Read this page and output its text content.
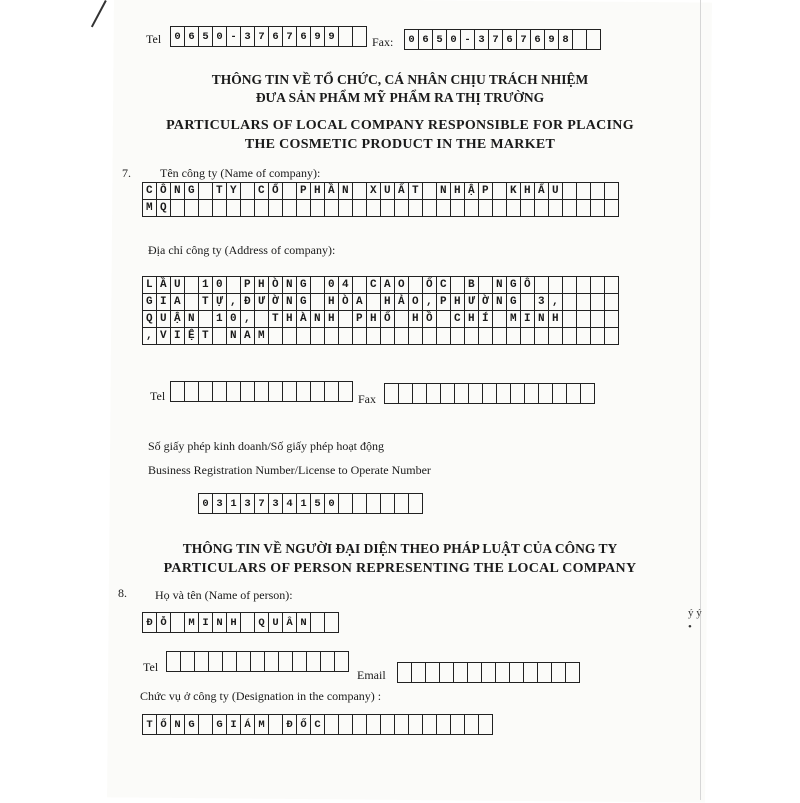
Tel	0 6 5 0 - 3 7 6 7 6 9 9	Fax:	0 6 5 0 - 3 7 6 7 6 9 8
THÔNG TIN VỀ TỔ CHỨC, CÁ NHÂN CHỊU TRÁCH NHIỆM
ĐƯA SẢN PHẨM MỸ PHẨM RA THỊ TRƯỜNG
PARTICULARS OF LOCAL COMPANY RESPONSIBLE FOR PLACING
THE COSMETIC PRODUCT IN THE MARKET
7. Tên công ty (Name of company):
C Ô N G	T Y	C Ổ	P H Ầ N	X U Ấ T	N H Ậ P	K H Ẩ U
M Q
Địa chỉ công ty (Address of company):
L Ầ U	1 0	P H Ò N G	0 4	C A O	Ố C	B	N G Ô
G I A	T Ự , Đ Ư Ờ N G	H Ò A	H Ả O , P H Ư Ờ N G	3 ,
Q U Ậ N	1 0 ,	T H À N H	P H Ố	H Ồ	C H Í	M I N H
, V I Ệ T	N A M
Tel	Fax
Số giấy phép kinh doanh/Số giấy phép hoạt động
Business Registration Number/License to Operate Number
0 3 1 3 7 3 4 1 5 0
THÔNG TIN VỀ NGƯỜI ĐẠI DIỆN THEO PHÁP LUẬT CỦA CÔNG TY
PARTICULARS OF PERSON REPRESENTING THE LOCAL COMPANY
8. Họ và tên (Name of person):
Đ Ỗ	M I N H	Q U Â N
Tel
Email
Chức vụ ở công ty (Designation in the company) :
T Ổ N G	G I Á M	Đ Ố C
ý ý
•
